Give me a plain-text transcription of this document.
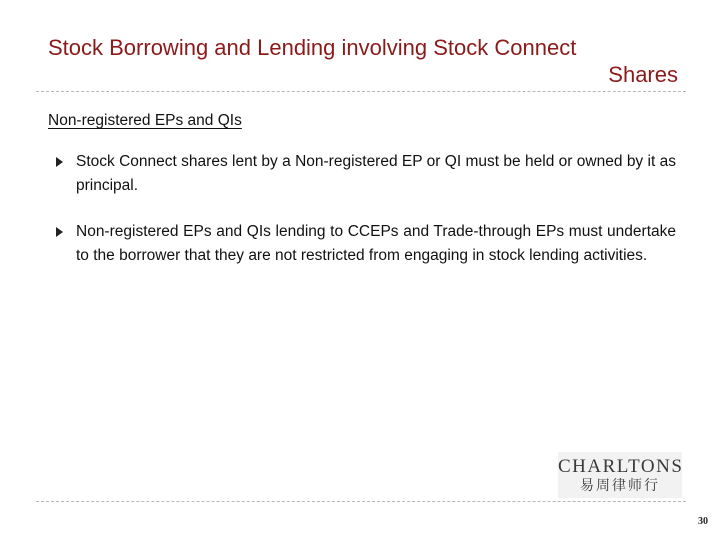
Stock Borrowing and Lending involving Stock Connect
Shares
Non-registered EPs and QIs
Stock Connect shares lent by a Non-registered EP or QI must be held or owned by it as principal.
Non-registered EPs and QIs lending to CCEPs and Trade-through EPs must undertake to the borrower that they are not restricted from engaging in stock lending activities.
CHARLTONS
易周律师行
30
